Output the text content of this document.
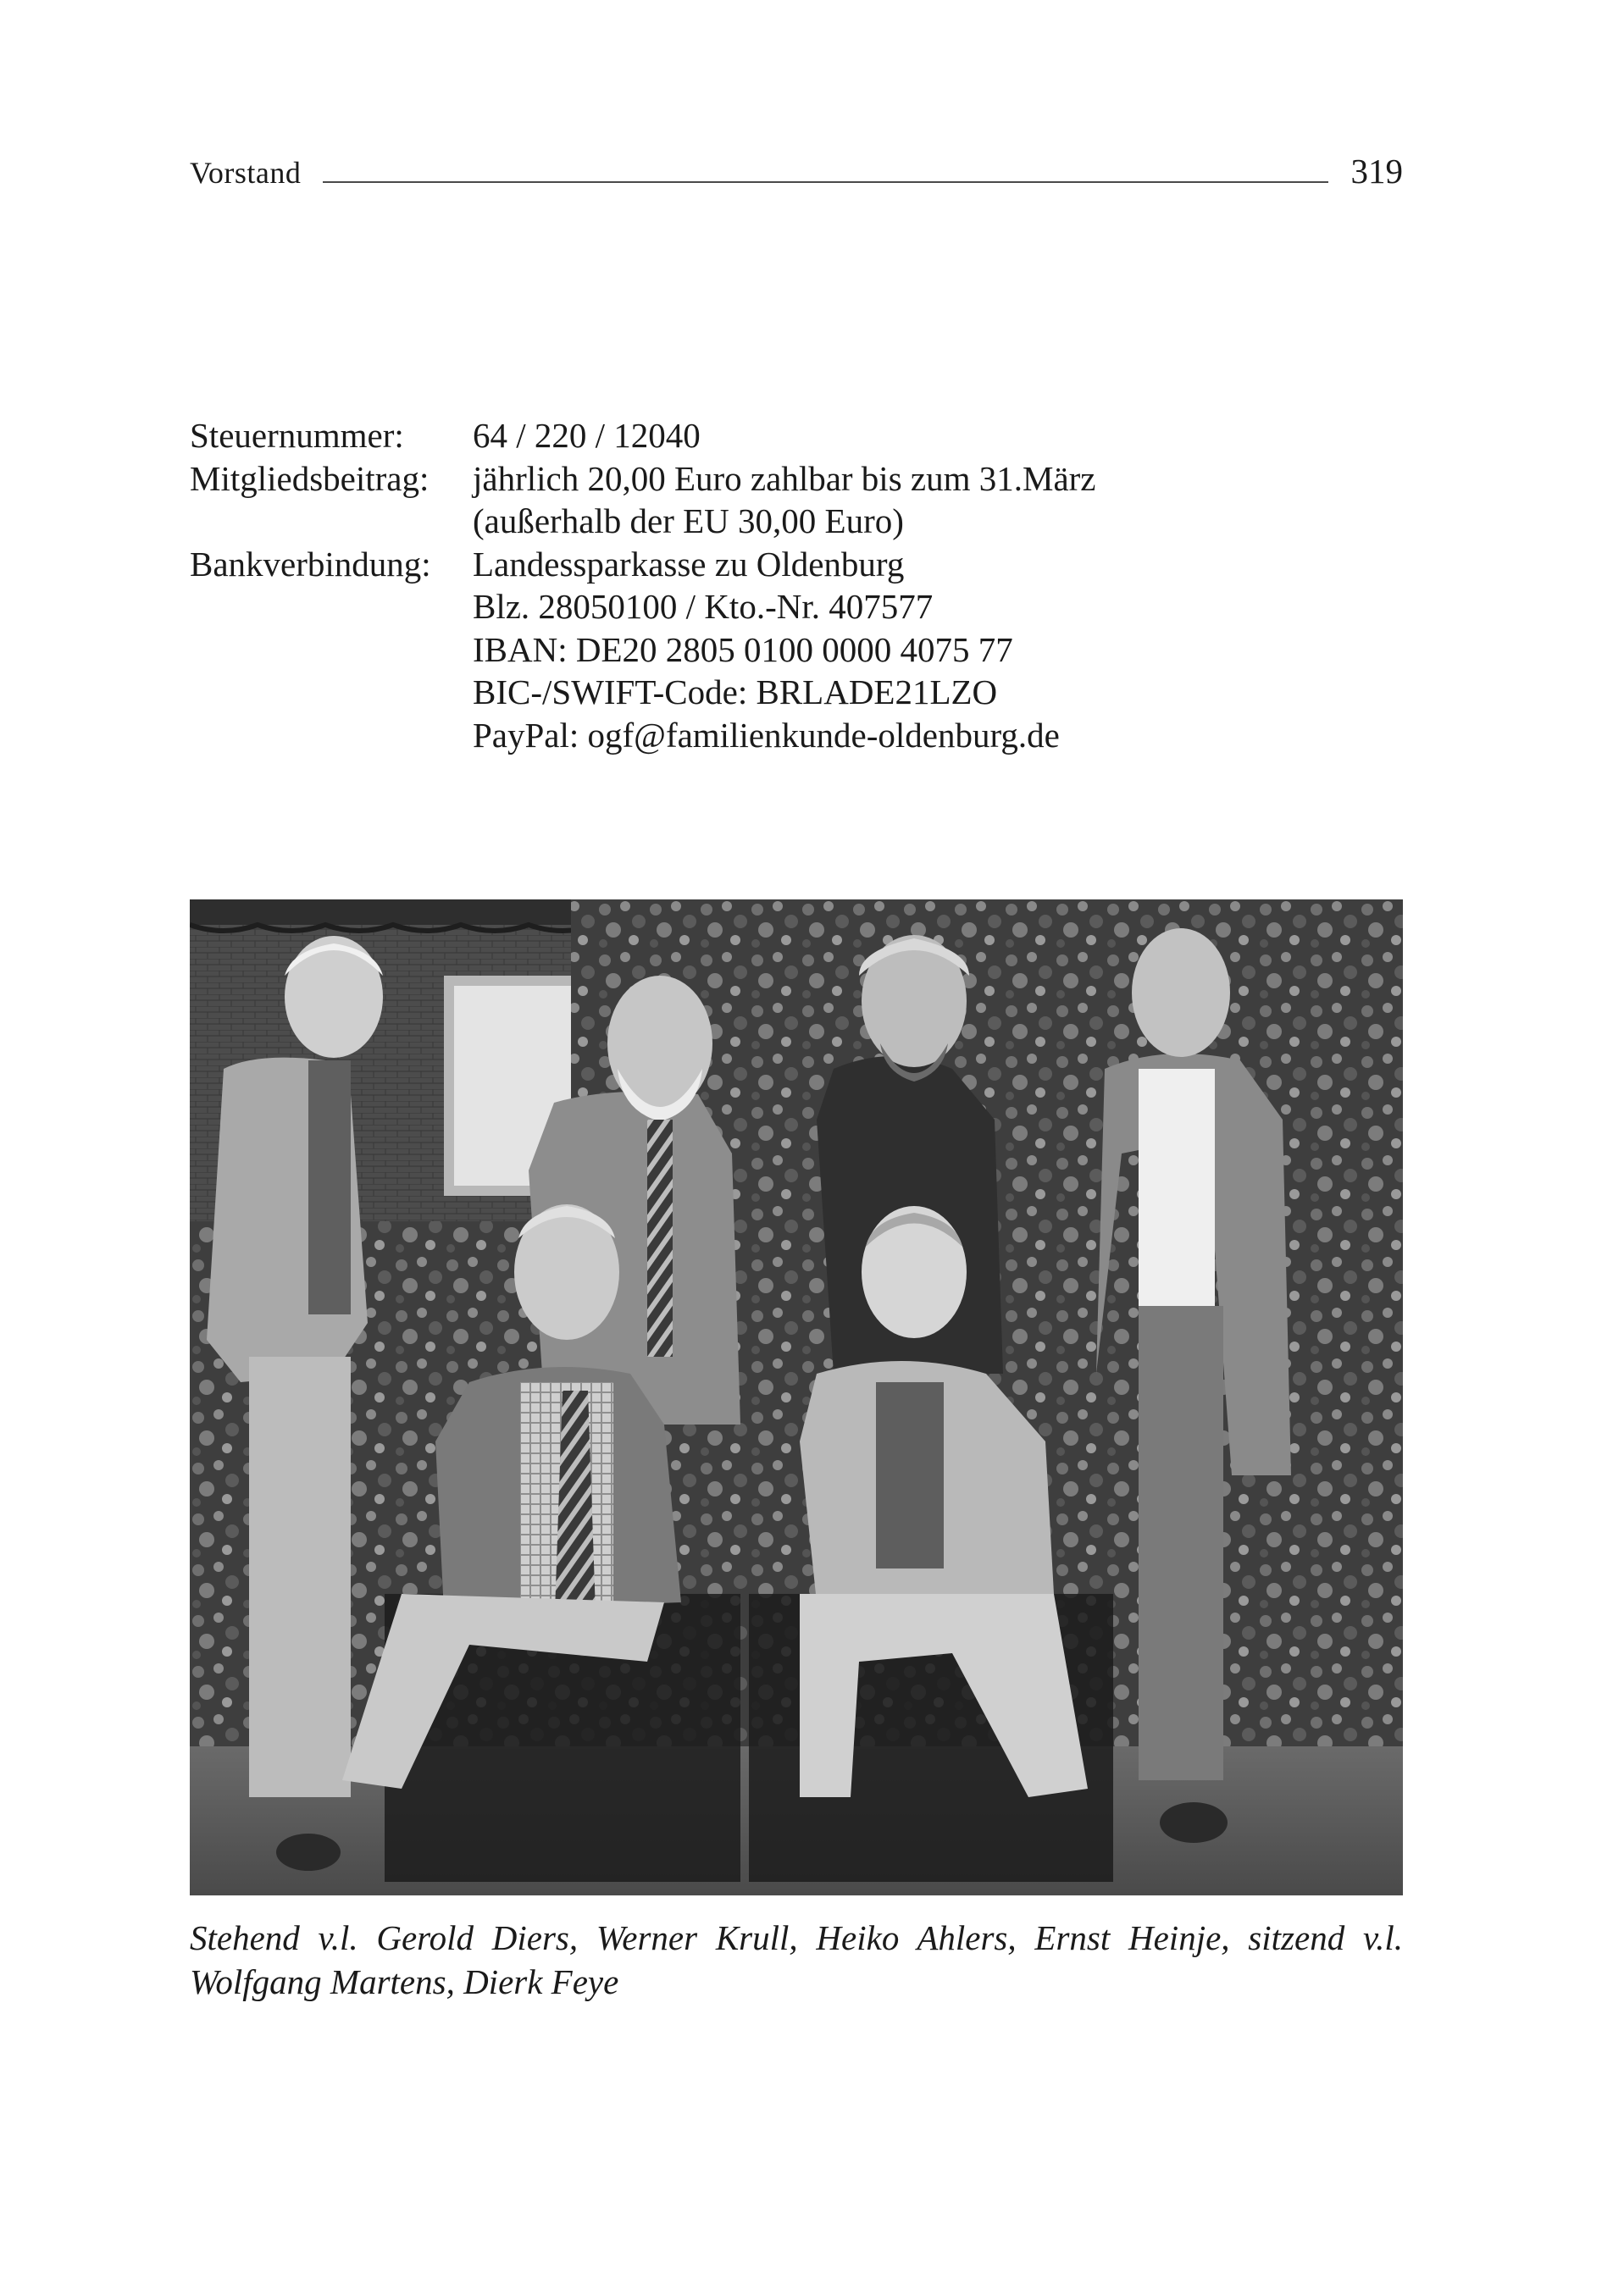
Vorstand	319
Steuernummer:	64 / 220 / 12040
Mitgliedsbeitrag:	jährlich 20,00 Euro zahlbar bis zum 31.März
(außerhalb der EU 30,00 Euro)
Bankverbindung:	Landessparkasse zu Oldenburg
Blz. 28050100 / Kto.-Nr. 407577
IBAN: DE20 2805 0100 0000 4075 77
BIC-/SWIFT-Code: BRLADE21LZO
PayPal: ogf@familienkunde-oldenburg.de
Stehend v.l. Gerold Diers, Werner Krull, Heiko Ahlers, Ernst Heinje, sitzend v.l. Wolfgang Martens, Dierk Feye
